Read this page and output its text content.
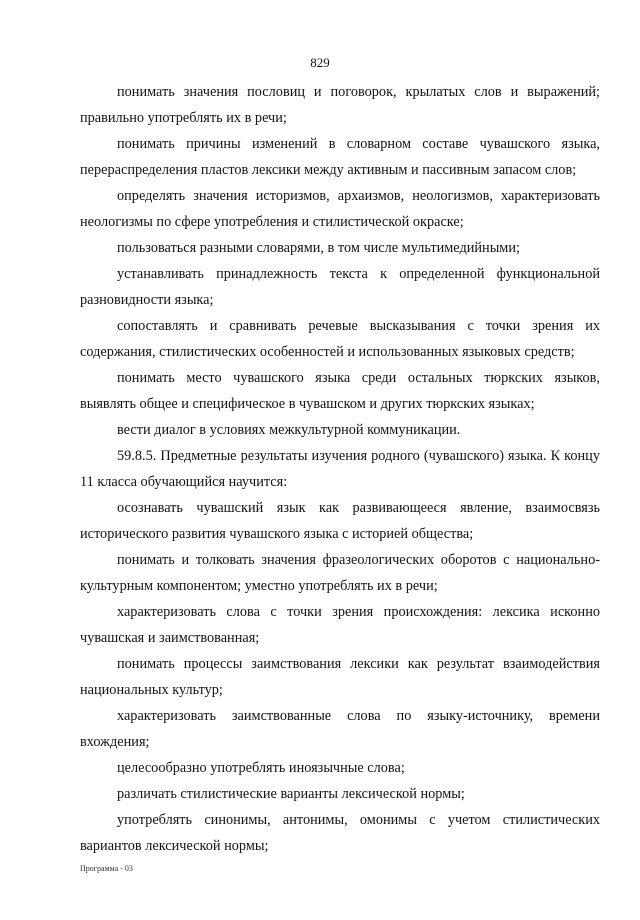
829

понимать значения пословиц и поговорок, крылатых слов и выражений; правильно употреблять их в речи;

понимать причины изменений в словарном составе чувашского языка, перераспределения пластов лексики между активным и пассивным запасом слов;

определять значения историзмов, архаизмов, неологизмов, характеризовать неологизмы по сфере употребления и стилистической окраске;

пользоваться разными словарями, в том числе мультимедийными;

устанавливать принадлежность текста к определенной функциональной разновидности языка;

сопоставлять и сравнивать речевые высказывания с точки зрения их содержания, стилистических особенностей и использованных языковых средств;

понимать место чувашского языка среди остальных тюркских языков, выявлять общее и специфическое в чувашском и других тюркских языках;

вести диалог в условиях межкультурной коммуникации.

59.8.5. Предметные результаты изучения родного (чувашского) языка. К концу 11 класса обучающийся научится:

осознавать чувашский язык как развивающееся явление, взаимосвязь исторического развития чувашского языка с историей общества;

понимать и толковать значения фразеологических оборотов с национально-культурным компонентом; уместно употреблять их в речи;

характеризовать слова с точки зрения происхождения: лексика исконно чувашская и заимствованная;

понимать процессы заимствования лексики как результат взаимодействия национальных культур;

характеризовать заимствованные слова по языку-источнику, времени вхождения;

целесообразно употреблять иноязычные слова;

различать стилистические варианты лексической нормы;

употреблять синонимы, антонимы, омонимы с учетом стилистических вариантов лексической нормы;

Программа - 03
